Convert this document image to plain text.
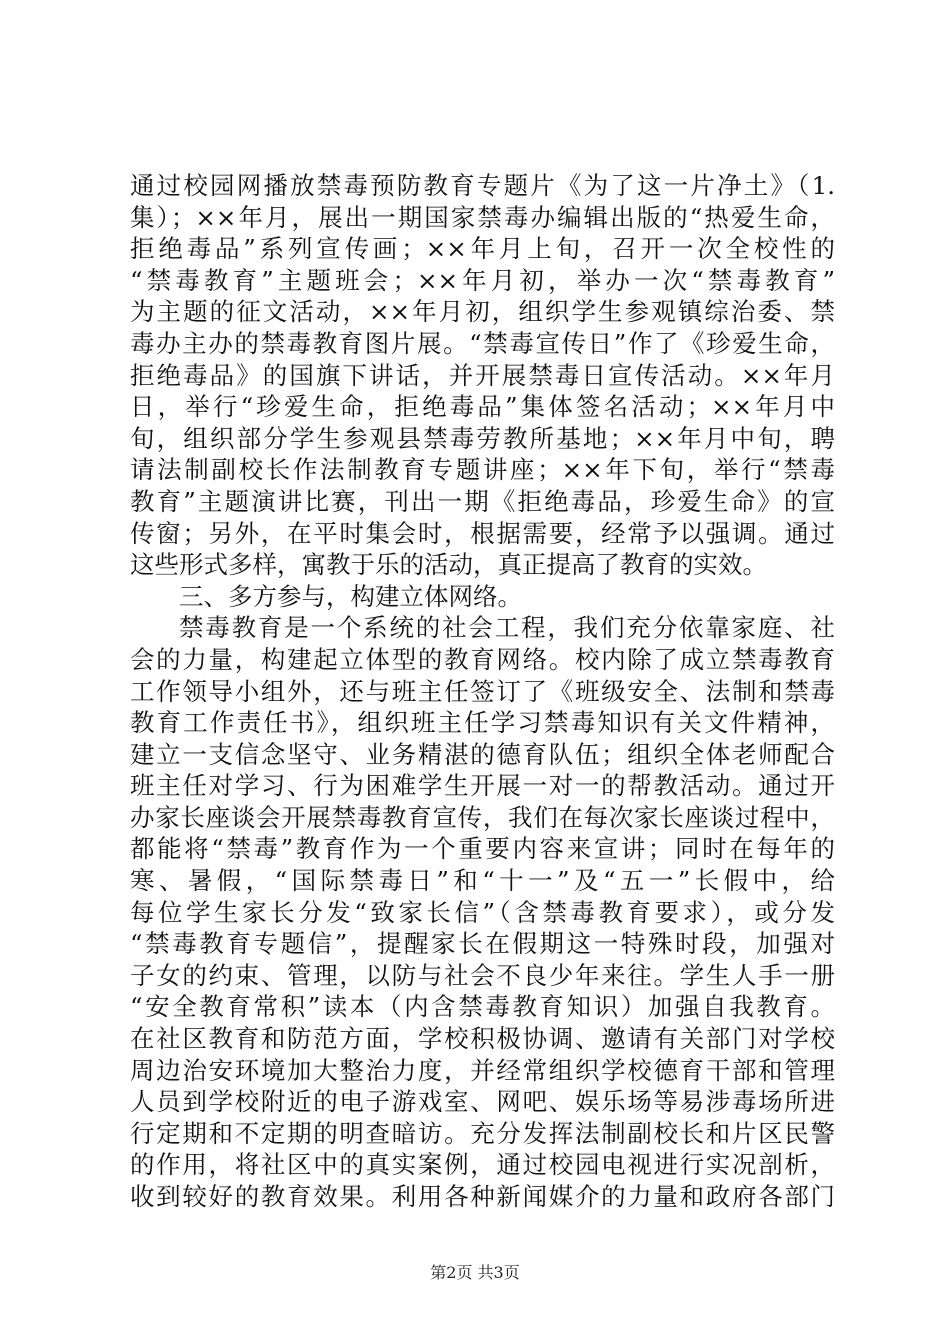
通过校园网播放禁毒预防教育专题片《为了这一片净土》（1.
集）；××年月，展出一期国家禁毒办编辑出版的“热爱生命，
拒绝毒品”系列宣传画；××年月上旬，召开一次全校性的
“禁毒教育”主题班会；××年月初，举办一次“禁毒教育”
为主题的征文活动，××年月初，组织学生参观镇综治委、禁
毒办主办的禁毒教育图片展。“禁毒宣传日”作了《珍爱生命，
拒绝毒品》的国旗下讲话，并开展禁毒日宣传活动。××年月
日，举行“珍爱生命，拒绝毒品”集体签名活动；××年月中
旬，组织部分学生参观县禁毒劳教所基地；××年月中旬，聘
请法制副校长作法制教育专题讲座；××年下旬，举行“禁毒
教育”主题演讲比赛，刊出一期《拒绝毒品，珍爱生命》的宣
传窗；另外，在平时集会时，根据需要，经常予以强调。通过
这些形式多样，寓教于乐的活动，真正提高了教育的实效。
三、多方参与，构建立体网络。
禁毒教育是一个系统的社会工程，我们充分依靠家庭、社
会的力量，构建起立体型的教育网络。校内除了成立禁毒教育
工作领导小组外，还与班主任签订了《班级安全、法制和禁毒
教育工作责任书》，组织班主任学习禁毒知识有关文件精神，
建立一支信念坚守、业务精湛的德育队伍；组织全体老师配合
班主任对学习、行为困难学生开展一对一的帮教活动。通过开
办家长座谈会开展禁毒教育宣传，我们在每次家长座谈过程中，
都能将“禁毒”教育作为一个重要内容来宣讲；同时在每年的
寒、暑假，“国际禁毒日”和“十一”及“五一”长假中，给
每位学生家长分发“致家长信”（含禁毒教育要求），或分发
“禁毒教育专题信”，提醒家长在假期这一特殊时段，加强对
子女的约束、管理，以防与社会不良少年来往。学生人手一册
“安全教育常积”读本（内含禁毒教育知识）加强自我教育。
在社区教育和防范方面，学校积极协调、邀请有关部门对学校
周边治安环境加大整治力度，并经常组织学校德育干部和管理
人员到学校附近的电子游戏室、网吧、娱乐场等易涉毒场所进
行定期和不定期的明查暗访。充分发挥法制副校长和片区民警
的作用，将社区中的真实案例，通过校园电视进行实况剖析，
收到较好的教育效果。利用各种新闻媒介的力量和政府各部门
第2页 共3页
